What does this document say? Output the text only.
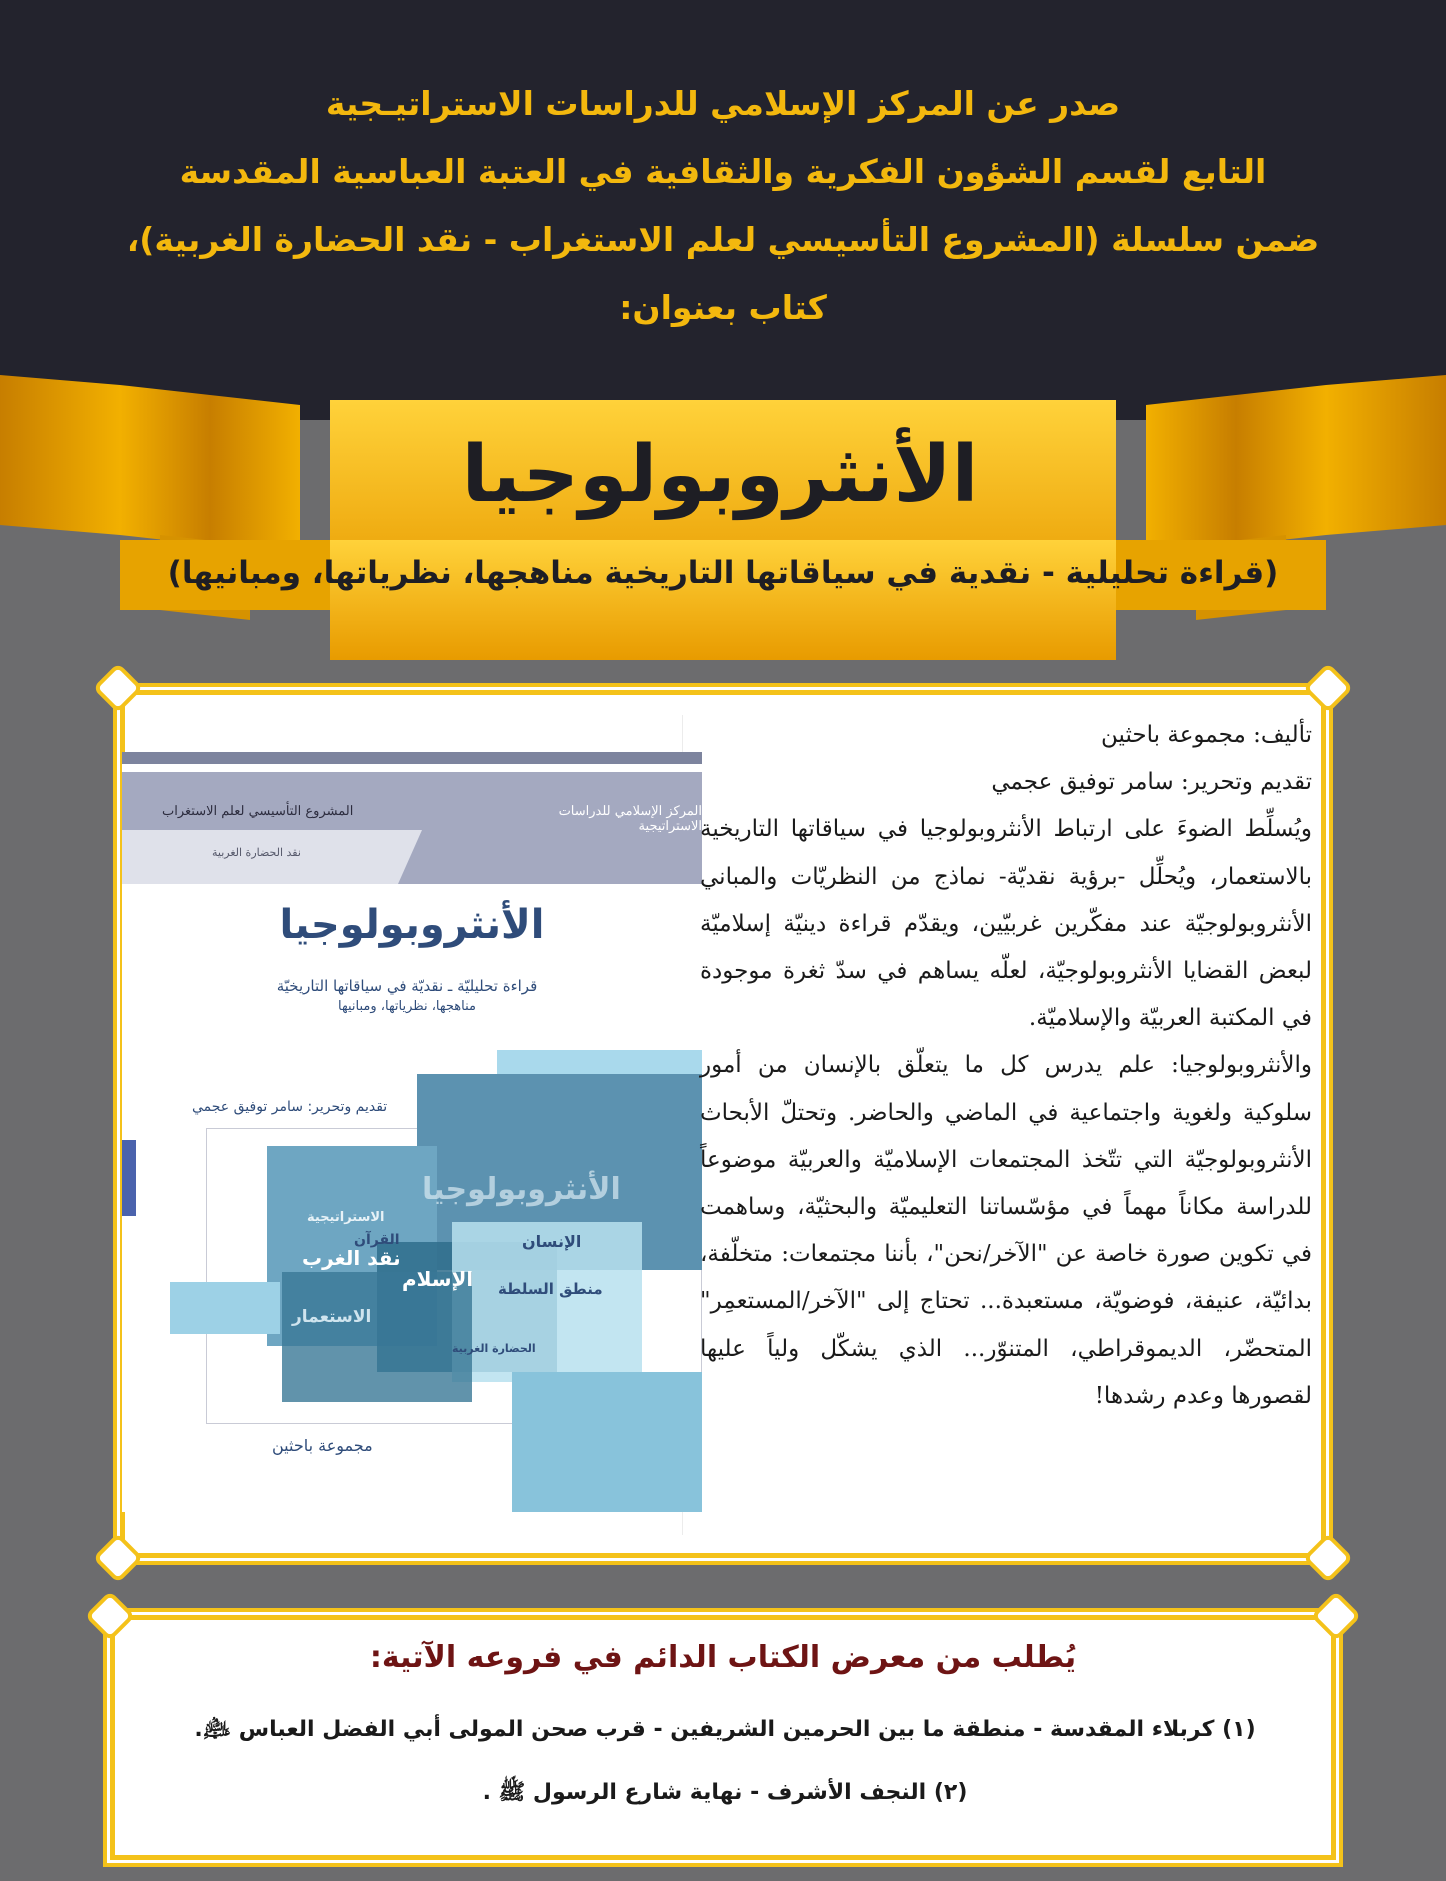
صدر عن المركز الإسلامي للدراسات الاستراتيـجية
التابع لقسم الشؤون الفكرية والثقافية في العتبة العباسية المقدسة
ضمن سلسلة (المشروع التأسيسي لعلم الاستغراب - نقد الحضارة الغربية)،
كتاب بعنوان:
الأنثروبولوجيا
(قراءة تحليلية - نقدية في سياقاتها التاريخية مناهجها، نظرياتها، ومبانيها)
المركز الإسلامي للدراسات الاستراتيجية
المشروع التأسيسي لعلم الاستغراب
نقد الحضارة الغربية
الأنثروبولوجيا
قراءة تحليليّة ـ نقديّة في سياقاتها التاريخيّة
مناهجها، نظرياتها، ومبانيها
تقديم وتحرير: سامر توفيق عجمي
الأنثروبولوجيا
الاستراتيجية
القرآن
الإسلام
نقد الغرب
الاستعمار
منطق السلطة
الحضارة الغربية
الإنسان
مجموعة باحثين

تأليف: مجموعة باحثين

تقديم وتحرير: سامر توفيق عجمي

ويُسلِّط الضوءَ على ارتباط الأنثروبولوجيا في سياقاتها التاريخية بالاستعمار، ويُحلِّل -برؤية نقديّة- نماذج من النظريّات والمباني الأنثروبولوجيّة عند مفكّرين غربيّين، ويقدّم قراءة دينيّة إسلاميّة لبعض القضايا الأنثروبولوجيّة، لعلّه يساهم في سدّ ثغرة موجودة في المكتبة العربيّة والإسلاميّة.

والأنثروبولوجيا: علم يدرس كل ما يتعلّق بالإنسان من أمور سلوكية ولغوية واجتماعية في الماضي والحاضر. وتحتلّ الأبحاث الأنثروبولوجيّة التي تتّخذ المجتمعات الإسلاميّة والعربيّة موضوعاً للدراسة مكاناً مهماً في مؤسّساتنا التعليميّة والبحثيّة، وساهمت في تكوين صورة خاصة عن "الآخر/نحن"، بأننا مجتمعات: متخلّفة، بدائيّة، عنيفة، فوضويّة، مستعبدة... تحتاج إلى "الآخر/المستعمِر" المتحضّر، الديموقراطي، المتنوّر... الذي يشكّل ولياً عليها لقصورها وعدم رشدها!

يُطلب من معرض الكتاب الدائم في فروعه الآتية:
(١) كربلاء المقدسة - منطقة ما بين الحرمين الشريفين - قرب صحن المولى أبي الفضل العباس ﵇.
(٢) النجف الأشرف - نهاية شارع الرسول ﷺ .
